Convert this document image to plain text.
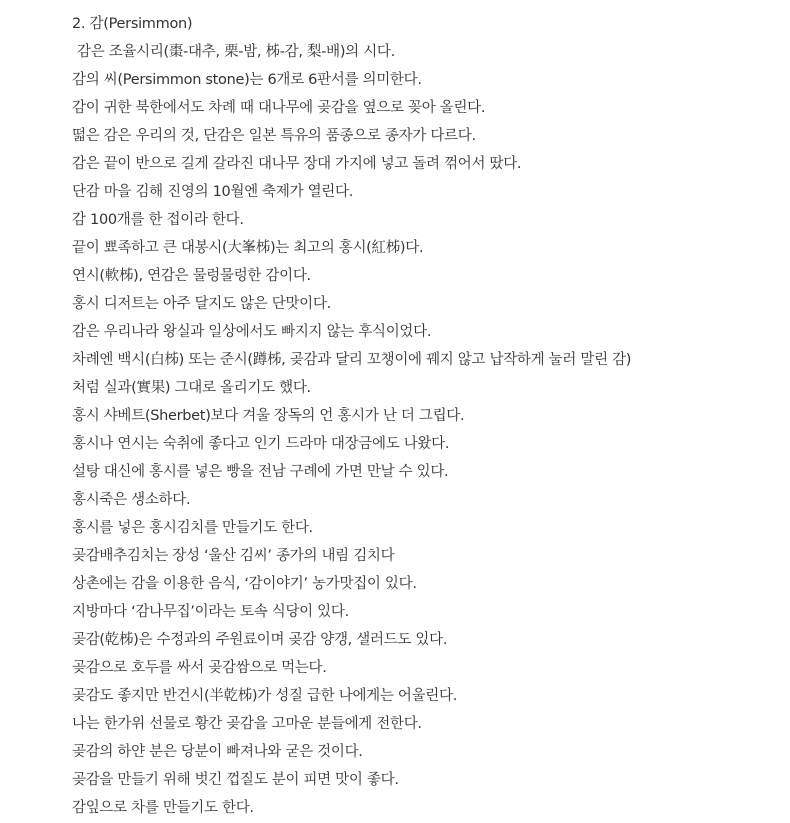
2. 감(Persimmon)
감은 조율시리(棗-대추, 栗-밤, 柹-감, 梨-배)의 시다.
감의 씨(Persimmon stone)는 6개로 6판서를 의미한다.
감이 귀한 북한에서도 차례 때 대나무에 곶감을 옆으로 꽂아 올린다.
떫은 감은 우리의 것, 단감은 일본 특유의 품종으로 종자가 다르다.
감은 끝이 반으로 길게 갈라진 대나무 장대 가지에 넣고 돌려 꺾어서 땄다.
단감 마을 김해 진영의 10월엔 축제가 열린다.
감 100개를 한 접이라 한다.
끝이 뾰족하고 큰 대봉시(大峯柹)는 최고의 홍시(紅柹)다.
연시(軟柹), 연감은 물렁물렁한 감이다.
홍시 디저트는 아주 달지도 않은 단맛이다.
감은 우리나라 왕실과 일상에서도 빠지지 않는 후식이었다.
차례엔 백시(白柹) 또는 준시(蹲柹, 곶감과 달리 꼬챙이에 꿰지 않고 납작하게 눌러 말린 감)
처럼 실과(實果) 그대로 올리기도 했다.
홍시 샤베트(Sherbet)보다 겨울 장독의 언 홍시가 난 더 그립다.
홍시나 연시는 숙취에 좋다고 인기 드라마 대장금에도 나왔다.
설탕 대신에 홍시를 넣은 빵을 전남 구례에 가면 만날 수 있다.
홍시죽은 생소하다.
홍시를 넣은 홍시김치를 만들기도 한다.
곶감배추김치는 장성 ‘울산 김씨’ 종가의 내림 김치다
상촌에는 감을 이용한 음식, ‘감이야기’ 농가맛집이 있다.
지방마다 ‘감나무집’이라는 토속 식당이 있다.
곶감(乾柹)은 수정과의 주원료이며 곶감 양갱, 샐러드도 있다.
곶감으로 호두를 싸서 곶감쌈으로 먹는다.
곶감도 좋지만 반건시(半乾柹)가 성질 급한 나에게는 어울린다.
나는 한가위 선물로 황간 곶감을 고마운 분들에게 전한다.
곶감의 하얀 분은 당분이 빠져나와 굳은 것이다.
곶감을 만들기 위해 벗긴 껍질도 분이 피면 맛이 좋다.
감잎으로 차를 만들기도 한다.
